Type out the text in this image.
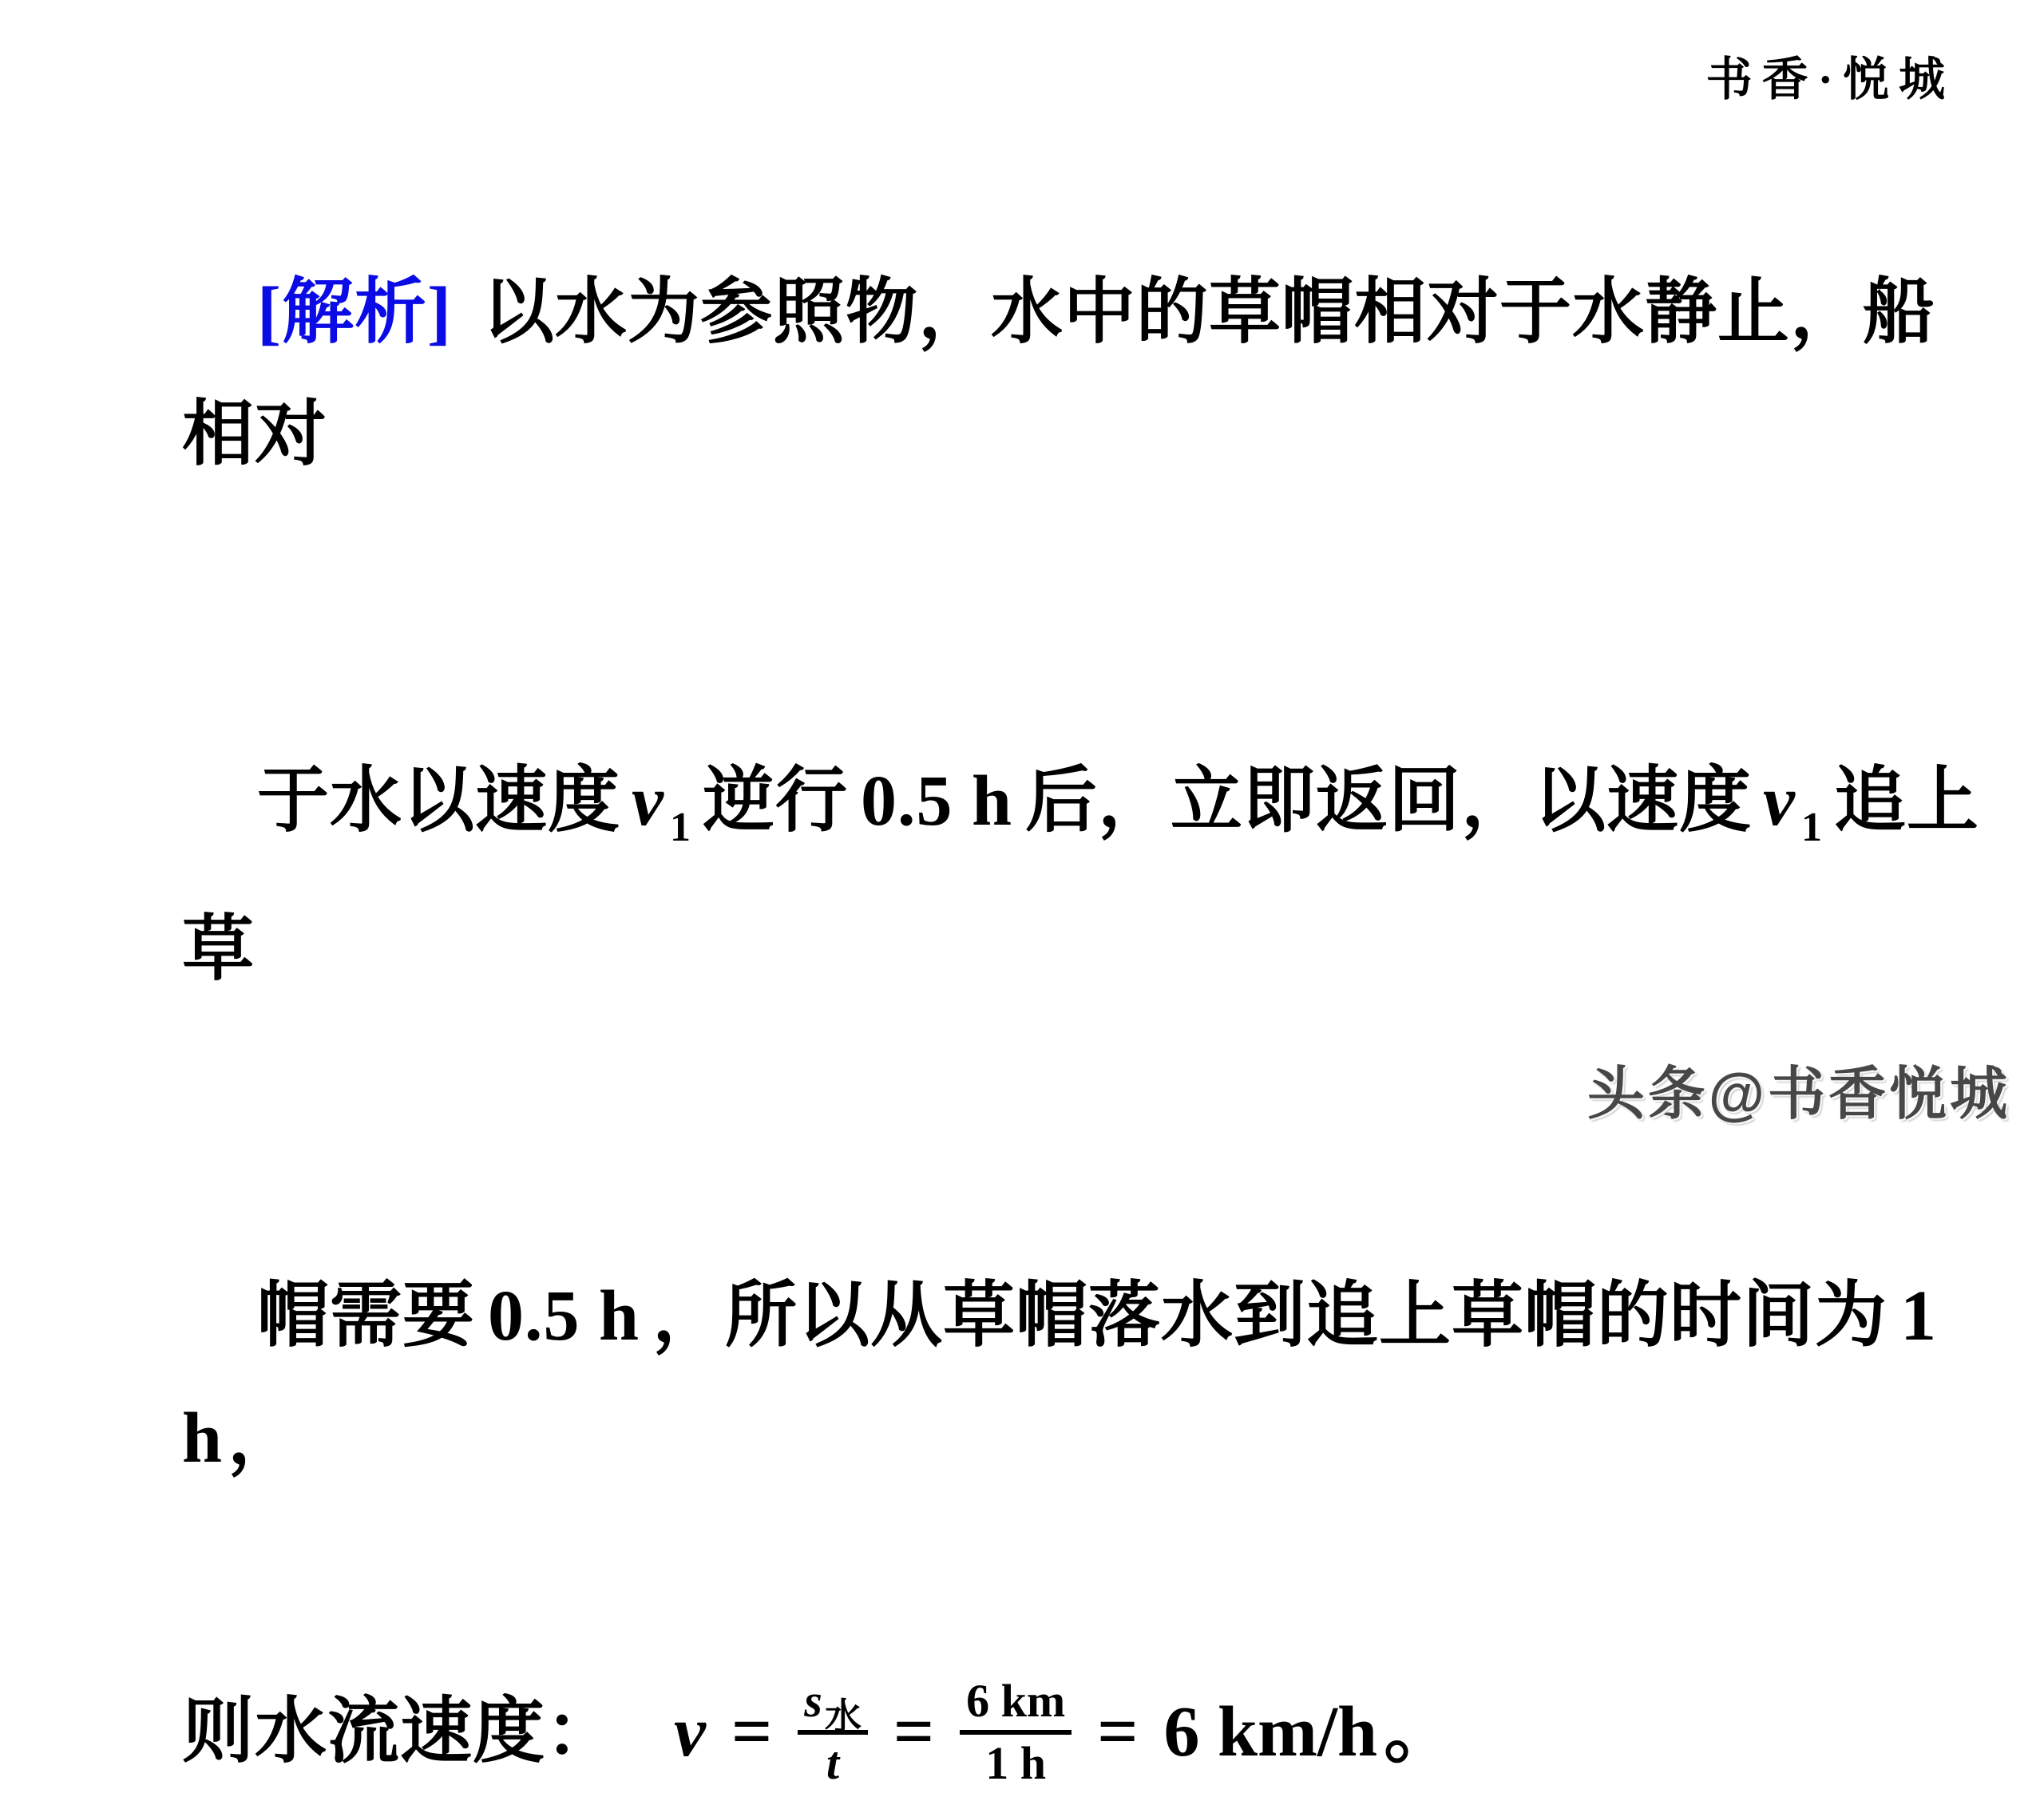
书香·悦城

[解析] 以水为参照物，水中的草帽相对于水静止，船相对

于水以速度 v $_1$ 逆行 0.5 h 后，立即返回，以速度 v $_1$ 追上草

帽需要 0.5 h ，所以从草帽落水到追上草帽的时间为 1 h，

则水流速度： $v = s_水$
t = 6 km
1 h = 6 km/h 。
头条@书香悦城
